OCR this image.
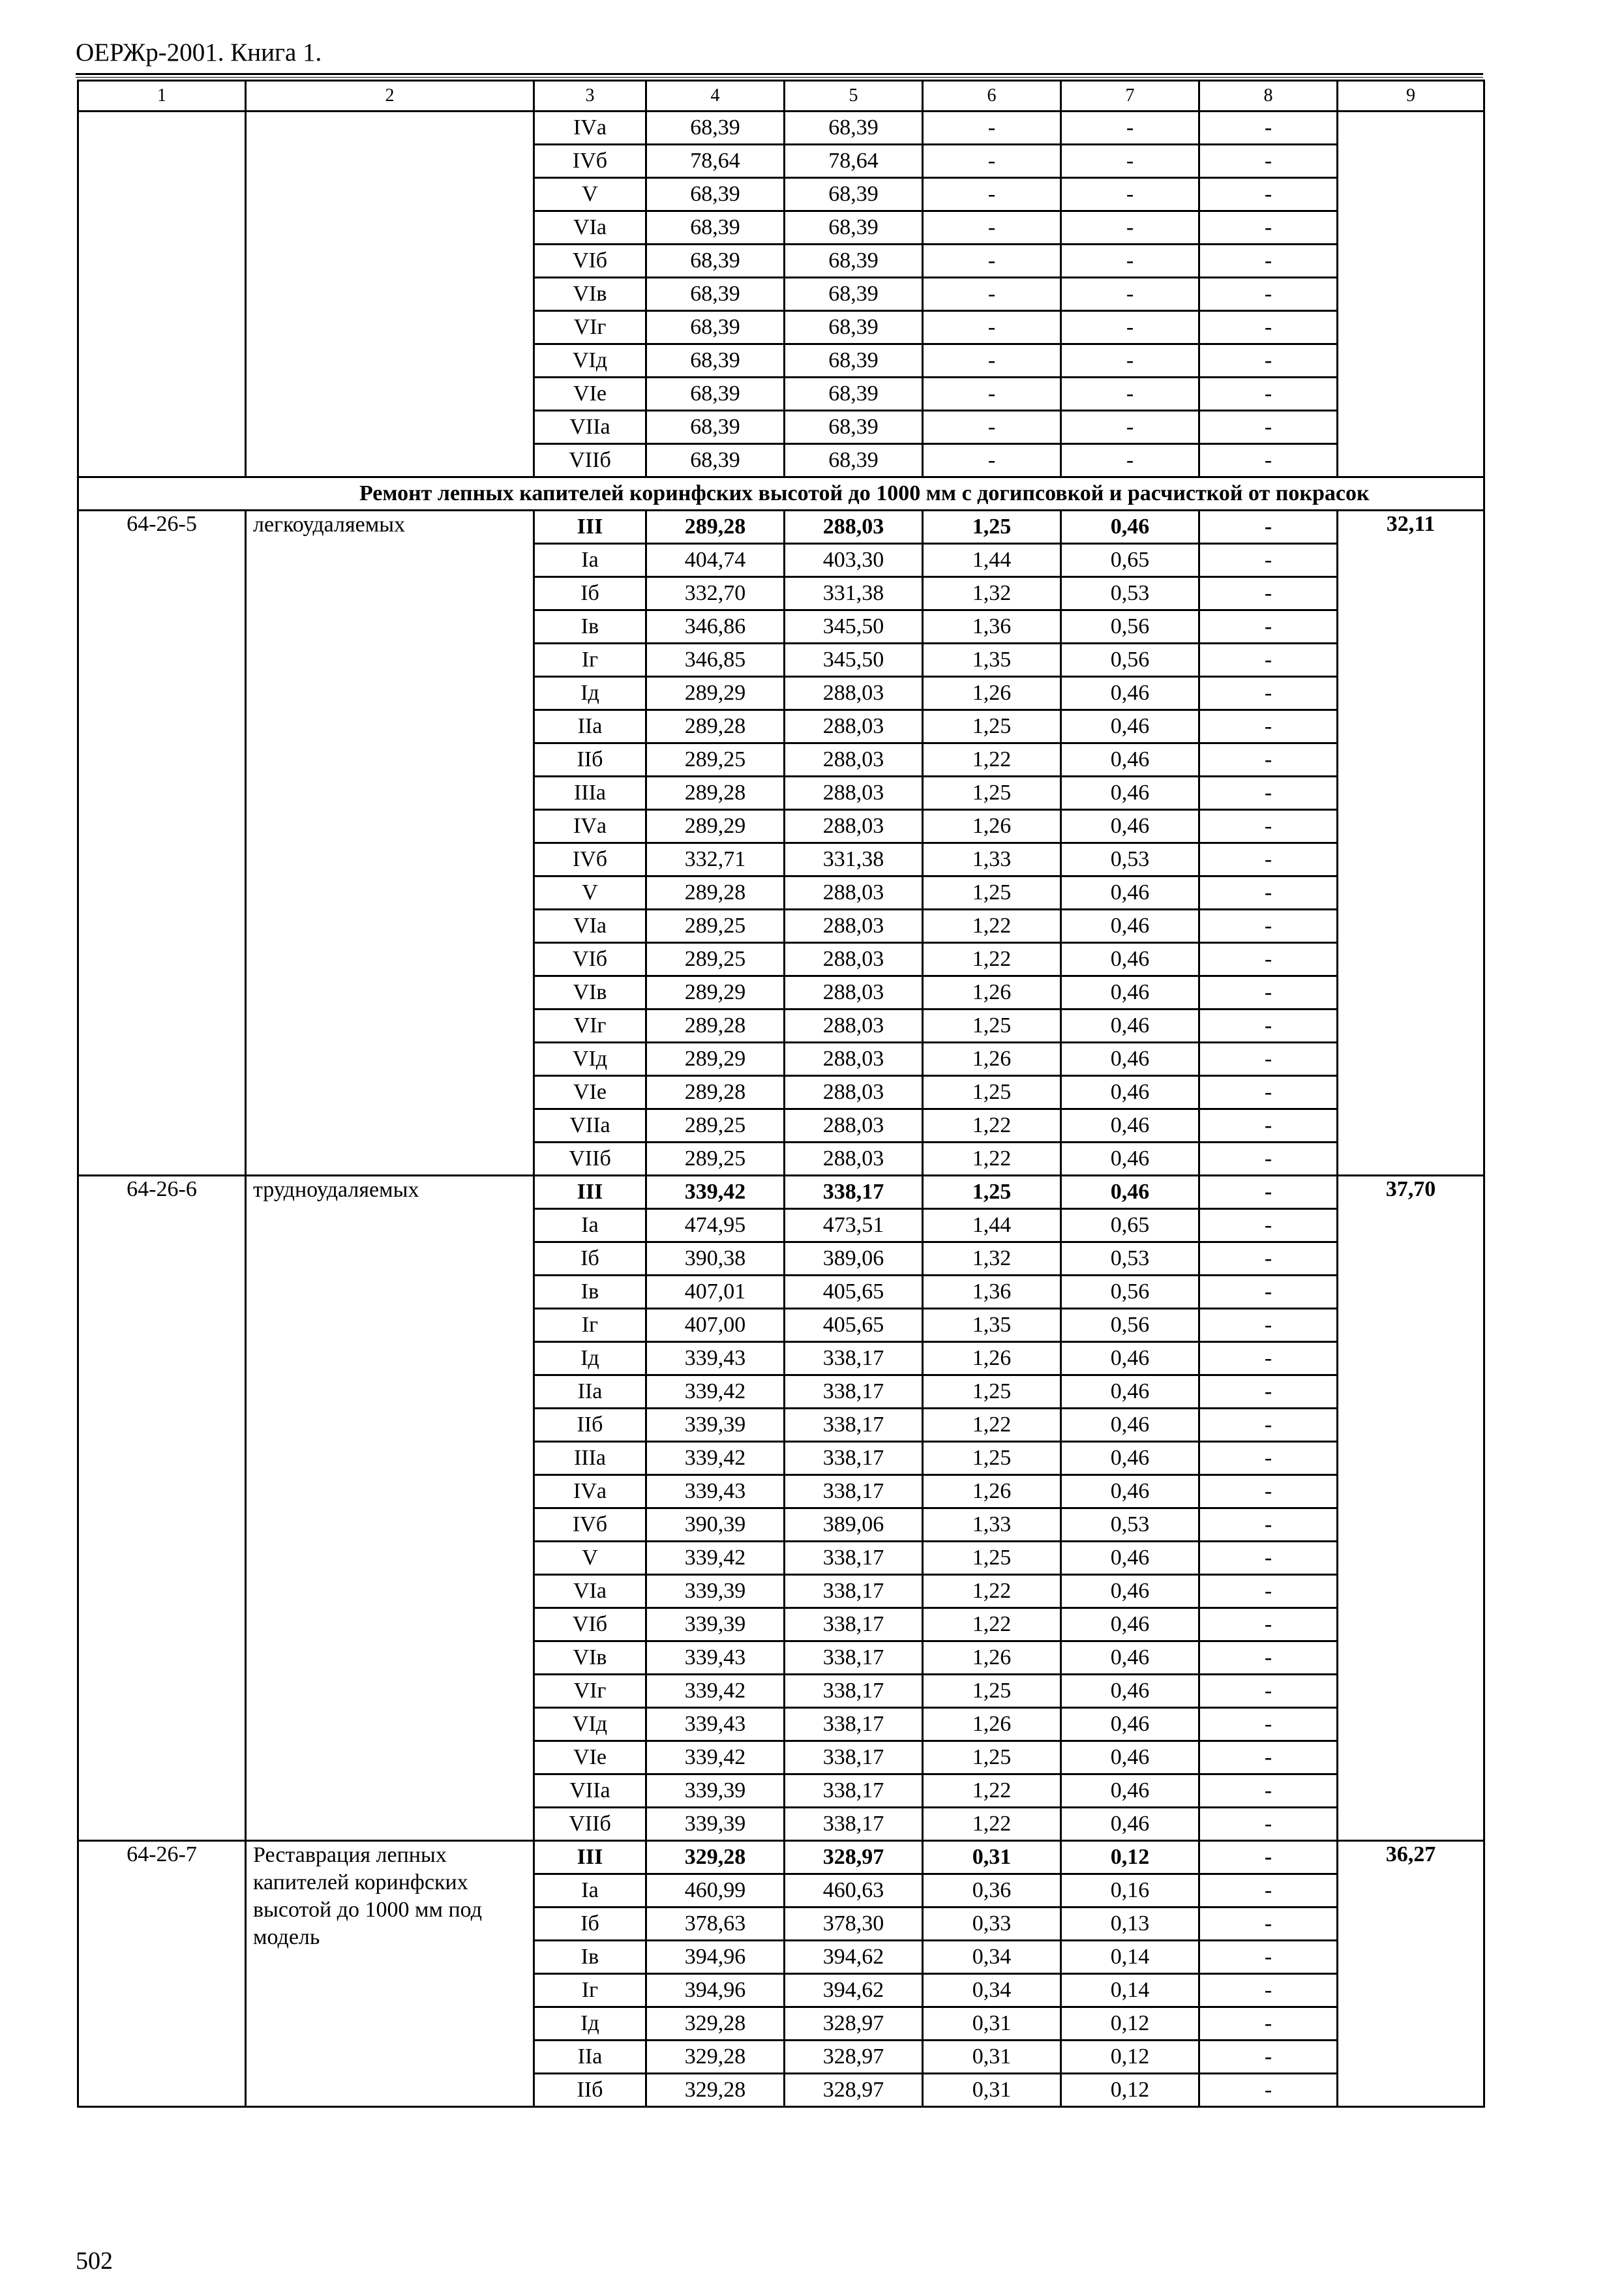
ОЕРЖр-2001. Книга 1.
1	2	3	4	5	6	7	8	9
		IVа	68,39	68,39	-	-	-	
		IVб	78,64	78,64	-	-	-	
		V	68,39	68,39	-	-	-	
		VIа	68,39	68,39	-	-	-	
		VIб	68,39	68,39	-	-	-	
		VIв	68,39	68,39	-	-	-	
		VIг	68,39	68,39	-	-	-	
		VIд	68,39	68,39	-	-	-	
		VIе	68,39	68,39	-	-	-	
		VIIа	68,39	68,39	-	-	-	
		VIIб	68,39	68,39	-	-	-	
	Ремонт лепных капителей коринфских высотой до 1000 мм с догипсовкой и расчисткой от покрасок							
64-26-5	легкоудаляемых	III	289,28	288,03	1,25	0,46	-	32,11
		Iа	404,74	403,30	1,44	0,65	-	
		Iб	332,70	331,38	1,32	0,53	-	
		Iв	346,86	345,50	1,36	0,56	-	
		Iг	346,85	345,50	1,35	0,56	-	
		Iд	289,29	288,03	1,26	0,46	-	
		IIа	289,28	288,03	1,25	0,46	-	
		IIб	289,25	288,03	1,22	0,46	-	
		IIIа	289,28	288,03	1,25	0,46	-	
		IVа	289,29	288,03	1,26	0,46	-	
		IVб	332,71	331,38	1,33	0,53	-	
		V	289,28	288,03	1,25	0,46	-	
		VIа	289,25	288,03	1,22	0,46	-	
		VIб	289,25	288,03	1,22	0,46	-	
		VIв	289,29	288,03	1,26	0,46	-	
		VIг	289,28	288,03	1,25	0,46	-	
		VIд	289,29	288,03	1,26	0,46	-	
		VIе	289,28	288,03	1,25	0,46	-	
		VIIа	289,25	288,03	1,22	0,46	-	
		VIIб	289,25	288,03	1,22	0,46	-	
64-26-6	трудноудаляемых	III	339,42	338,17	1,25	0,46	-	37,70
		Iа	474,95	473,51	1,44	0,65	-	
		Iб	390,38	389,06	1,32	0,53	-	
		Iв	407,01	405,65	1,36	0,56	-	
		Iг	407,00	405,65	1,35	0,56	-	
		Iд	339,43	338,17	1,26	0,46	-	
		IIа	339,42	338,17	1,25	0,46	-	
		IIб	339,39	338,17	1,22	0,46	-	
		IIIа	339,42	338,17	1,25	0,46	-	
		IVа	339,43	338,17	1,26	0,46	-	
		IVб	390,39	389,06	1,33	0,53	-	
		V	339,42	338,17	1,25	0,46	-	
		VIа	339,39	338,17	1,22	0,46	-	
		VIб	339,39	338,17	1,22	0,46	-	
		VIв	339,43	338,17	1,26	0,46	-	
		VIг	339,42	338,17	1,25	0,46	-	
		VIд	339,43	338,17	1,26	0,46	-	
		VIе	339,42	338,17	1,25	0,46	-	
		VIIа	339,39	338,17	1,22	0,46	-	
		VIIб	339,39	338,17	1,22	0,46	-	
64-26-7	Реставрация лепных капителей коринфских высотой до 1000 мм под модель	III	329,28	328,97	0,31	0,12	-	36,27
		Iа	460,99	460,63	0,36	0,16	-	
		Iб	378,63	378,30	0,33	0,13	-	
		Iв	394,96	394,62	0,34	0,14	-	
		Iг	394,96	394,62	0,34	0,14	-	
		Iд	329,28	328,97	0,31	0,12	-	
		IIа	329,28	328,97	0,31	0,12	-	
		IIб	329,28	328,97	0,31	0,12	-	
502
